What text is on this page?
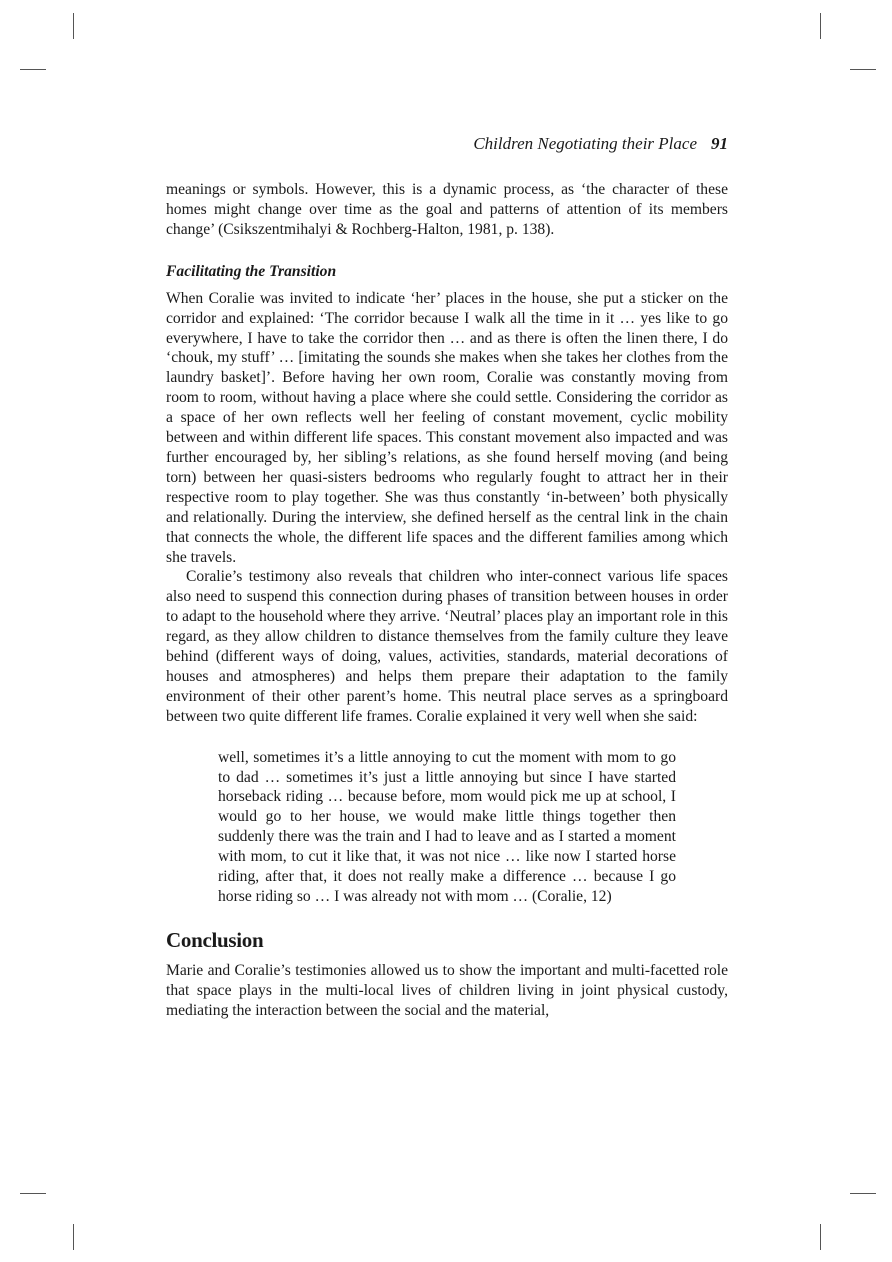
Children Negotiating their Place 91

meanings or symbols. However, this is a dynamic process, as ‘the character of these homes might change over time as the goal and patterns of attention of its members change’ (Csikszentmihalyi & Rochberg-Halton, 1981, p. 138).

Facilitating the Transition

When Coralie was invited to indicate ‘her’ places in the house, she put a sticker on the corridor and explained: ‘The corridor because I walk all the time in it … yes like to go everywhere, I have to take the corridor then … and as there is often the linen there, I do ‘chouk, my stuff’ … [imitating the sounds she makes when she takes her clothes from the laundry basket]’. Before having her own room, Coralie was constantly moving from room to room, without having a place where she could settle. Considering the corridor as a space of her own reflects well her feeling of constant movement, cyclic mobility between and within different life spaces. This constant movement also impacted and was further encouraged by, her sibling’s relations, as she found herself moving (and being torn) between her quasi-sisters bedrooms who regularly fought to attract her in their respective room to play together. She was thus constantly ‘in-between’ both physically and relationally. During the interview, she defined herself as the central link in the chain that connects the whole, the different life spaces and the different families among which she travels.

Coralie’s testimony also reveals that children who inter-connect various life spaces also need to suspend this connection during phases of transition between houses in order to adapt to the household where they arrive. ‘Neutral’ places play an important role in this regard, as they allow children to distance themselves from the family culture they leave behind (different ways of doing, values, activities, standards, material decorations of houses and atmospheres) and helps them prepare their adaptation to the family environment of their other parent’s home. This neutral place serves as a springboard between two quite different life frames. Coralie explained it very well when she said:

well, sometimes it’s a little annoying to cut the moment with mom to go to dad … sometimes it’s just a little annoying but since I have started horseback riding … because before, mom would pick me up at school, I would go to her house, we would make little things together then suddenly there was the train and I had to leave and as I started a moment with mom, to cut it like that, it was not nice … like now I started horse riding, after that, it does not really make a difference … because I go horse riding so … I was already not with mom … (Coralie, 12)

Conclusion

Marie and Coralie’s testimonies allowed us to show the important and multi-facetted role that space plays in the multi-local lives of children living in joint physical custody, mediating the interaction between the social and the material,
